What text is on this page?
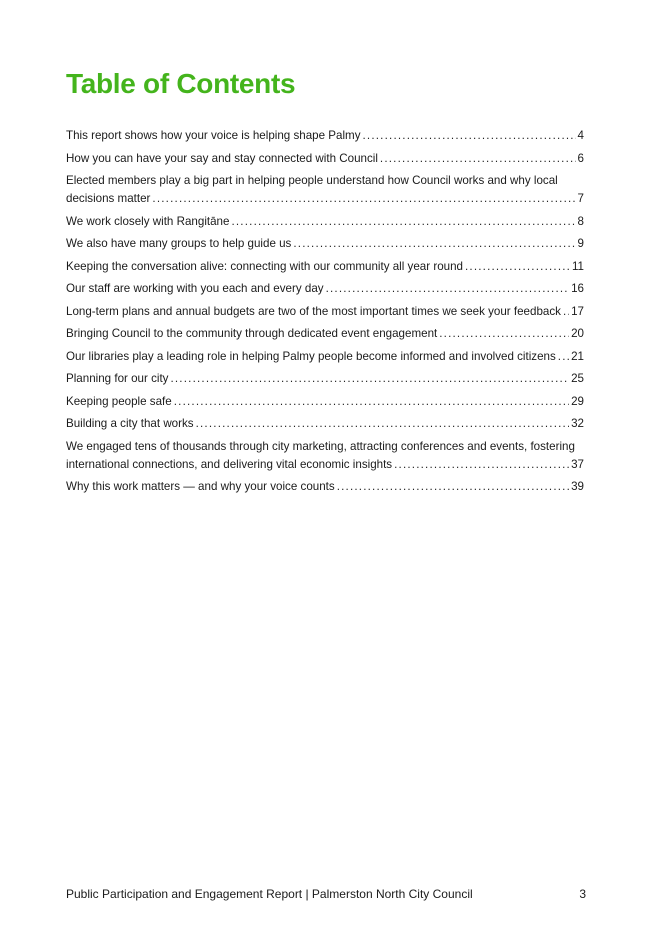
Table of Contents
This report shows how your voice is helping shape Palmy	4
How you can have your say and stay connected with Council	6
Elected members play a big part in helping people understand how Council works and why local decisions matter	7
We work closely with Rangitāne	8
We also have many groups to help guide us	9
Keeping the conversation alive: connecting with our community all year round	11
Our staff are working with you each and every day	16
Long-term plans and annual budgets are two of the most important times we seek your feedback 17
Bringing Council to the community through dedicated event engagement	20
Our libraries play a leading role in helping Palmy people become informed and involved citizens 21
Planning for our city	25
Keeping people safe	29
Building a city that works	32
We engaged tens of thousands through city marketing, attracting conferences and events, fostering international connections, and delivering vital economic insights	37
Why this work matters — and why your voice counts	39
Public Participation and Engagement Report | Palmerston North City Council	3
